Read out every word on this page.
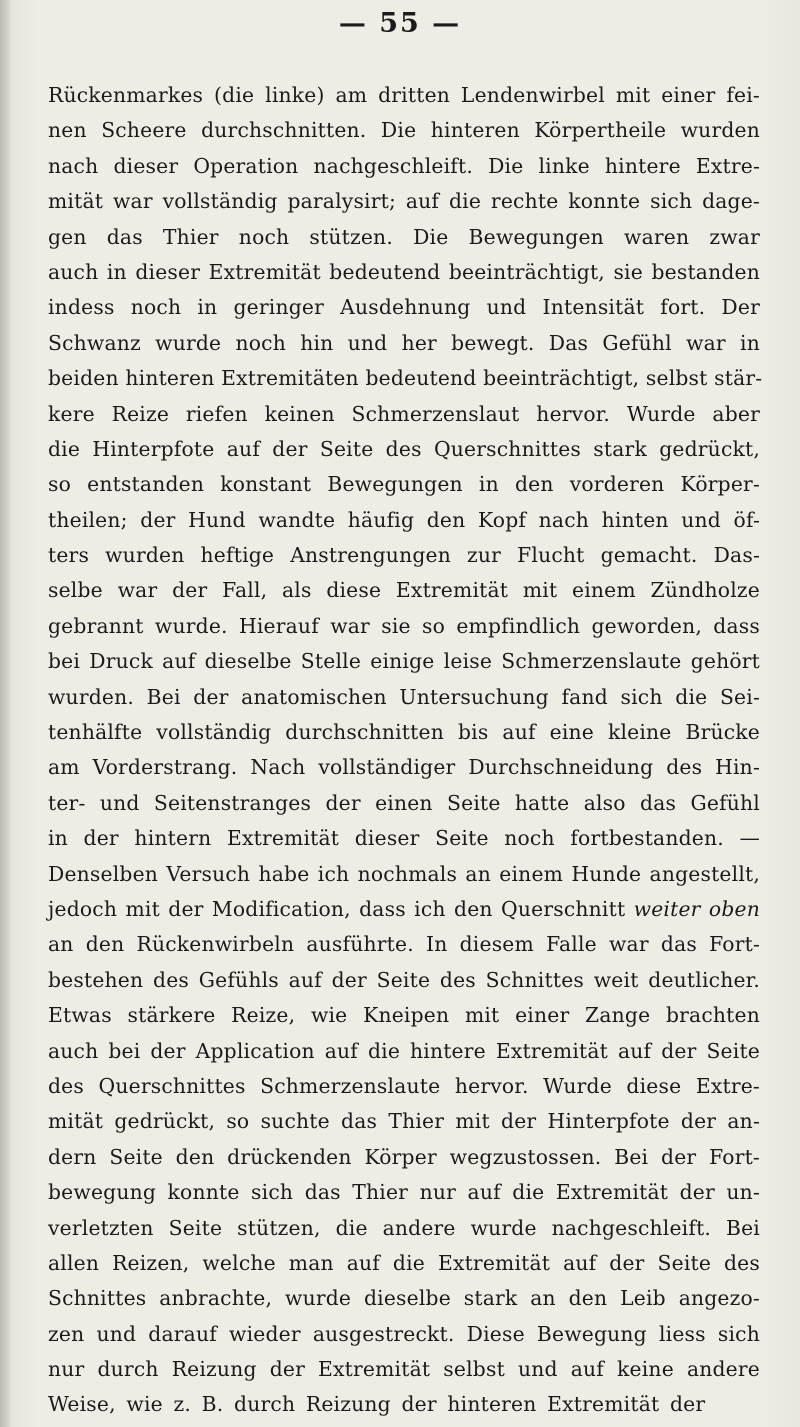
— 55 —
Rückenmarkes (die linke) am dritten Lendenwirbel mit einer fei-
nen Scheere durchschnitten. Die hinteren Körpertheile wurden
nach dieser Operation nachgeschleift. Die linke hintere Extre-
mität war vollständig paralysirt; auf die rechte konnte sich dage-
gen das Thier noch stützen. Die Bewegungen waren zwar
auch in dieser Extremität bedeutend beeinträchtigt, sie bestanden
indess noch in geringer Ausdehnung und Intensität fort. Der
Schwanz wurde noch hin und her bewegt. Das Gefühl war in
beiden hinteren Extremitäten bedeutend beeinträchtigt, selbst stär-
kere Reize riefen keinen Schmerzenslaut hervor. Wurde aber
die Hinterpfote auf der Seite des Querschnittes stark gedrückt,
so entstanden konstant Bewegungen in den vorderen Körper-
theilen; der Hund wandte häufig den Kopf nach hinten und öf-
ters wurden heftige Anstrengungen zur Flucht gemacht. Das-
selbe war der Fall, als diese Extremität mit einem Zündholze
gebrannt wurde. Hierauf war sie so empfindlich geworden, dass
bei Druck auf dieselbe Stelle einige leise Schmerzenslaute gehört
wurden. Bei der anatomischen Untersuchung fand sich die Sei-
tenhälfte vollständig durchschnitten bis auf eine kleine Brücke
am Vorderstrang. Nach vollständiger Durchschneidung des Hin-
ter- und Seitenstranges der einen Seite hatte also das Gefühl
in der hintern Extremität dieser Seite noch fortbestanden. —
Denselben Versuch habe ich nochmals an einem Hunde angestellt,
jedoch mit der Modification, dass ich den Querschnitt weiter oben
an den Rückenwirbeln ausführte. In diesem Falle war das Fort-
bestehen des Gefühls auf der Seite des Schnittes weit deutlicher.
Etwas stärkere Reize, wie Kneipen mit einer Zange brachten
auch bei der Application auf die hintere Extremität auf der Seite
des Querschnittes Schmerzenslaute hervor. Wurde diese Extre-
mität gedrückt, so suchte das Thier mit der Hinterpfote der an-
dern Seite den drückenden Körper wegzustossen. Bei der Fort-
bewegung konnte sich das Thier nur auf die Extremität der un-
verletzten Seite stützen, die andere wurde nachgeschleift. Bei
allen Reizen, welche man auf die Extremität auf der Seite des
Schnittes anbrachte, wurde dieselbe stark an den Leib angezo-
zen und darauf wieder ausgestreckt. Diese Bewegung liess sich
nur durch Reizung der Extremität selbst und auf keine andere
Weise, wie z. B. durch Reizung der hinteren Extremität der
